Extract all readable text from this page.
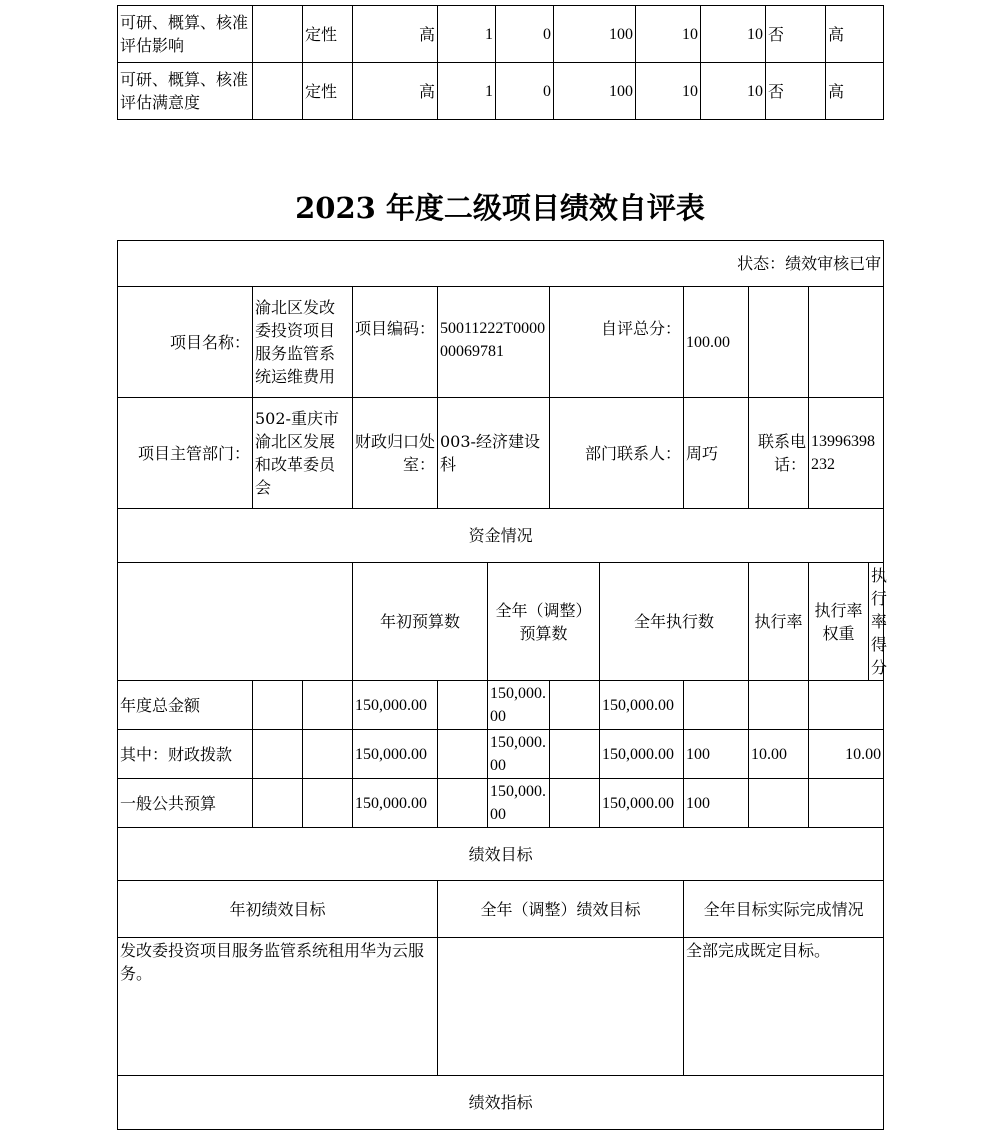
可研、概算、核准评估影响		定性	高	1	0	100	10	10	否	高
可研、概算、核准评估满意度		定性	高	1	0	100	10	10	否	高
2023 年度二级项目绩效自评表
状态：绩效审核已审											
项目名称：	渝北区发改委投资项目服务监管系统运维费用		项目编码：	50011222T000000069781		自评总分：		100.00			
项目主管部门：	502-重庆市渝北区发展和改革委员会		财政归口处室：	003-经济建设科		部门联系人：		周巧	联系电话：	13996398232	
资金情况											
			年初预算数		全年（调整）预算数		全年执行数		执行率	执行率权重	执行率得分
年度总金额			150,000.00		150,000.00		150,000.00				
其中：财政拨款			150,000.00		150,000.00		150,000.00	100	10.00	10.00	
一般公共预算			150,000.00		150,000.00		150,000.00	100			
绩效目标											
年初绩效目标				全年（调整）绩效目标				全年目标实际完成情况			
发改委投资项目服务监管系统租用华为云服务。								全部完成既定目标。			
绩效指标											
